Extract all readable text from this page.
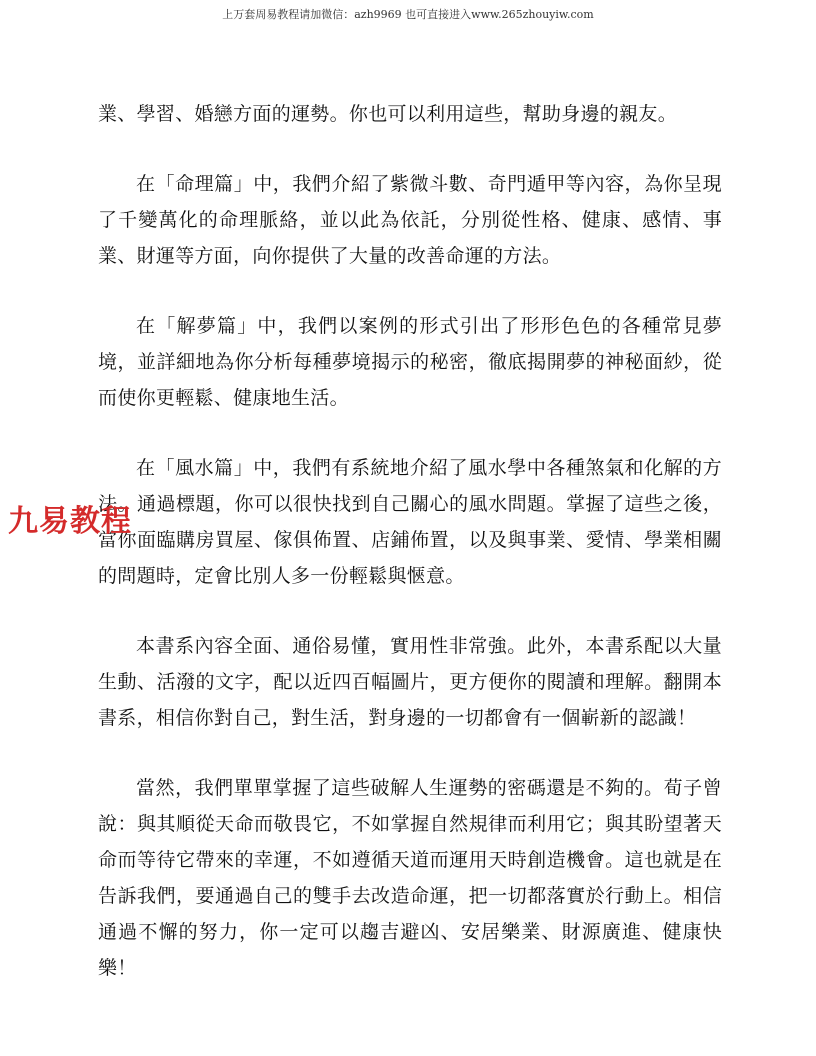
上万套周易教程请加微信：azh9969 也可直接进入www.265zhouyiw.com

業、學習、婚戀方面的運勢。你也可以利用這些，幫助身邊的親友。

在「命理篇」中，我們介紹了紫微斗數、奇門遁甲等內容，為你呈現了千變萬化的命理脈絡，並以此為依託，分別從性格、健康、感情、事業、財運等方面，向你提供了大量的改善命運的方法。

在「解夢篇」中，我們以案例的形式引出了形形色色的各種常見夢境，並詳細地為你分析每種夢境揭示的秘密，徹底揭開夢的神秘面紗，從而使你更輕鬆、健康地生活。

在「風水篇」中，我們有系統地介紹了風水學中各種煞氣和化解的方法。通過標題，你可以很快找到自己關心的風水問題。掌握了這些之後，當你面臨購房買屋、傢俱佈置、店鋪佈置，以及與事業、愛情、學業相關的問題時，定會比別人多一份輕鬆與愜意。

本書系內容全面、通俗易懂，實用性非常強。此外，本書系配以大量生動、活潑的文字，配以近四百幅圖片，更方便你的閱讀和理解。翻開本書系，相信你對自己，對生活，對身邊的一切都會有一個嶄新的認識！

當然，我們單單掌握了這些破解人生運勢的密碼還是不夠的。荀子曾說：與其順從天命而敬畏它，不如掌握自然規律而利用它；與其盼望著天命而等待它帶來的幸運，不如遵循天道而運用天時創造機會。這也就是在告訴我們，要通過自己的雙手去改造命運，把一切都落實於行動上。相信通過不懈的努力，你一定可以趨吉避凶、安居樂業、財源廣進、健康快樂！

九易教程
